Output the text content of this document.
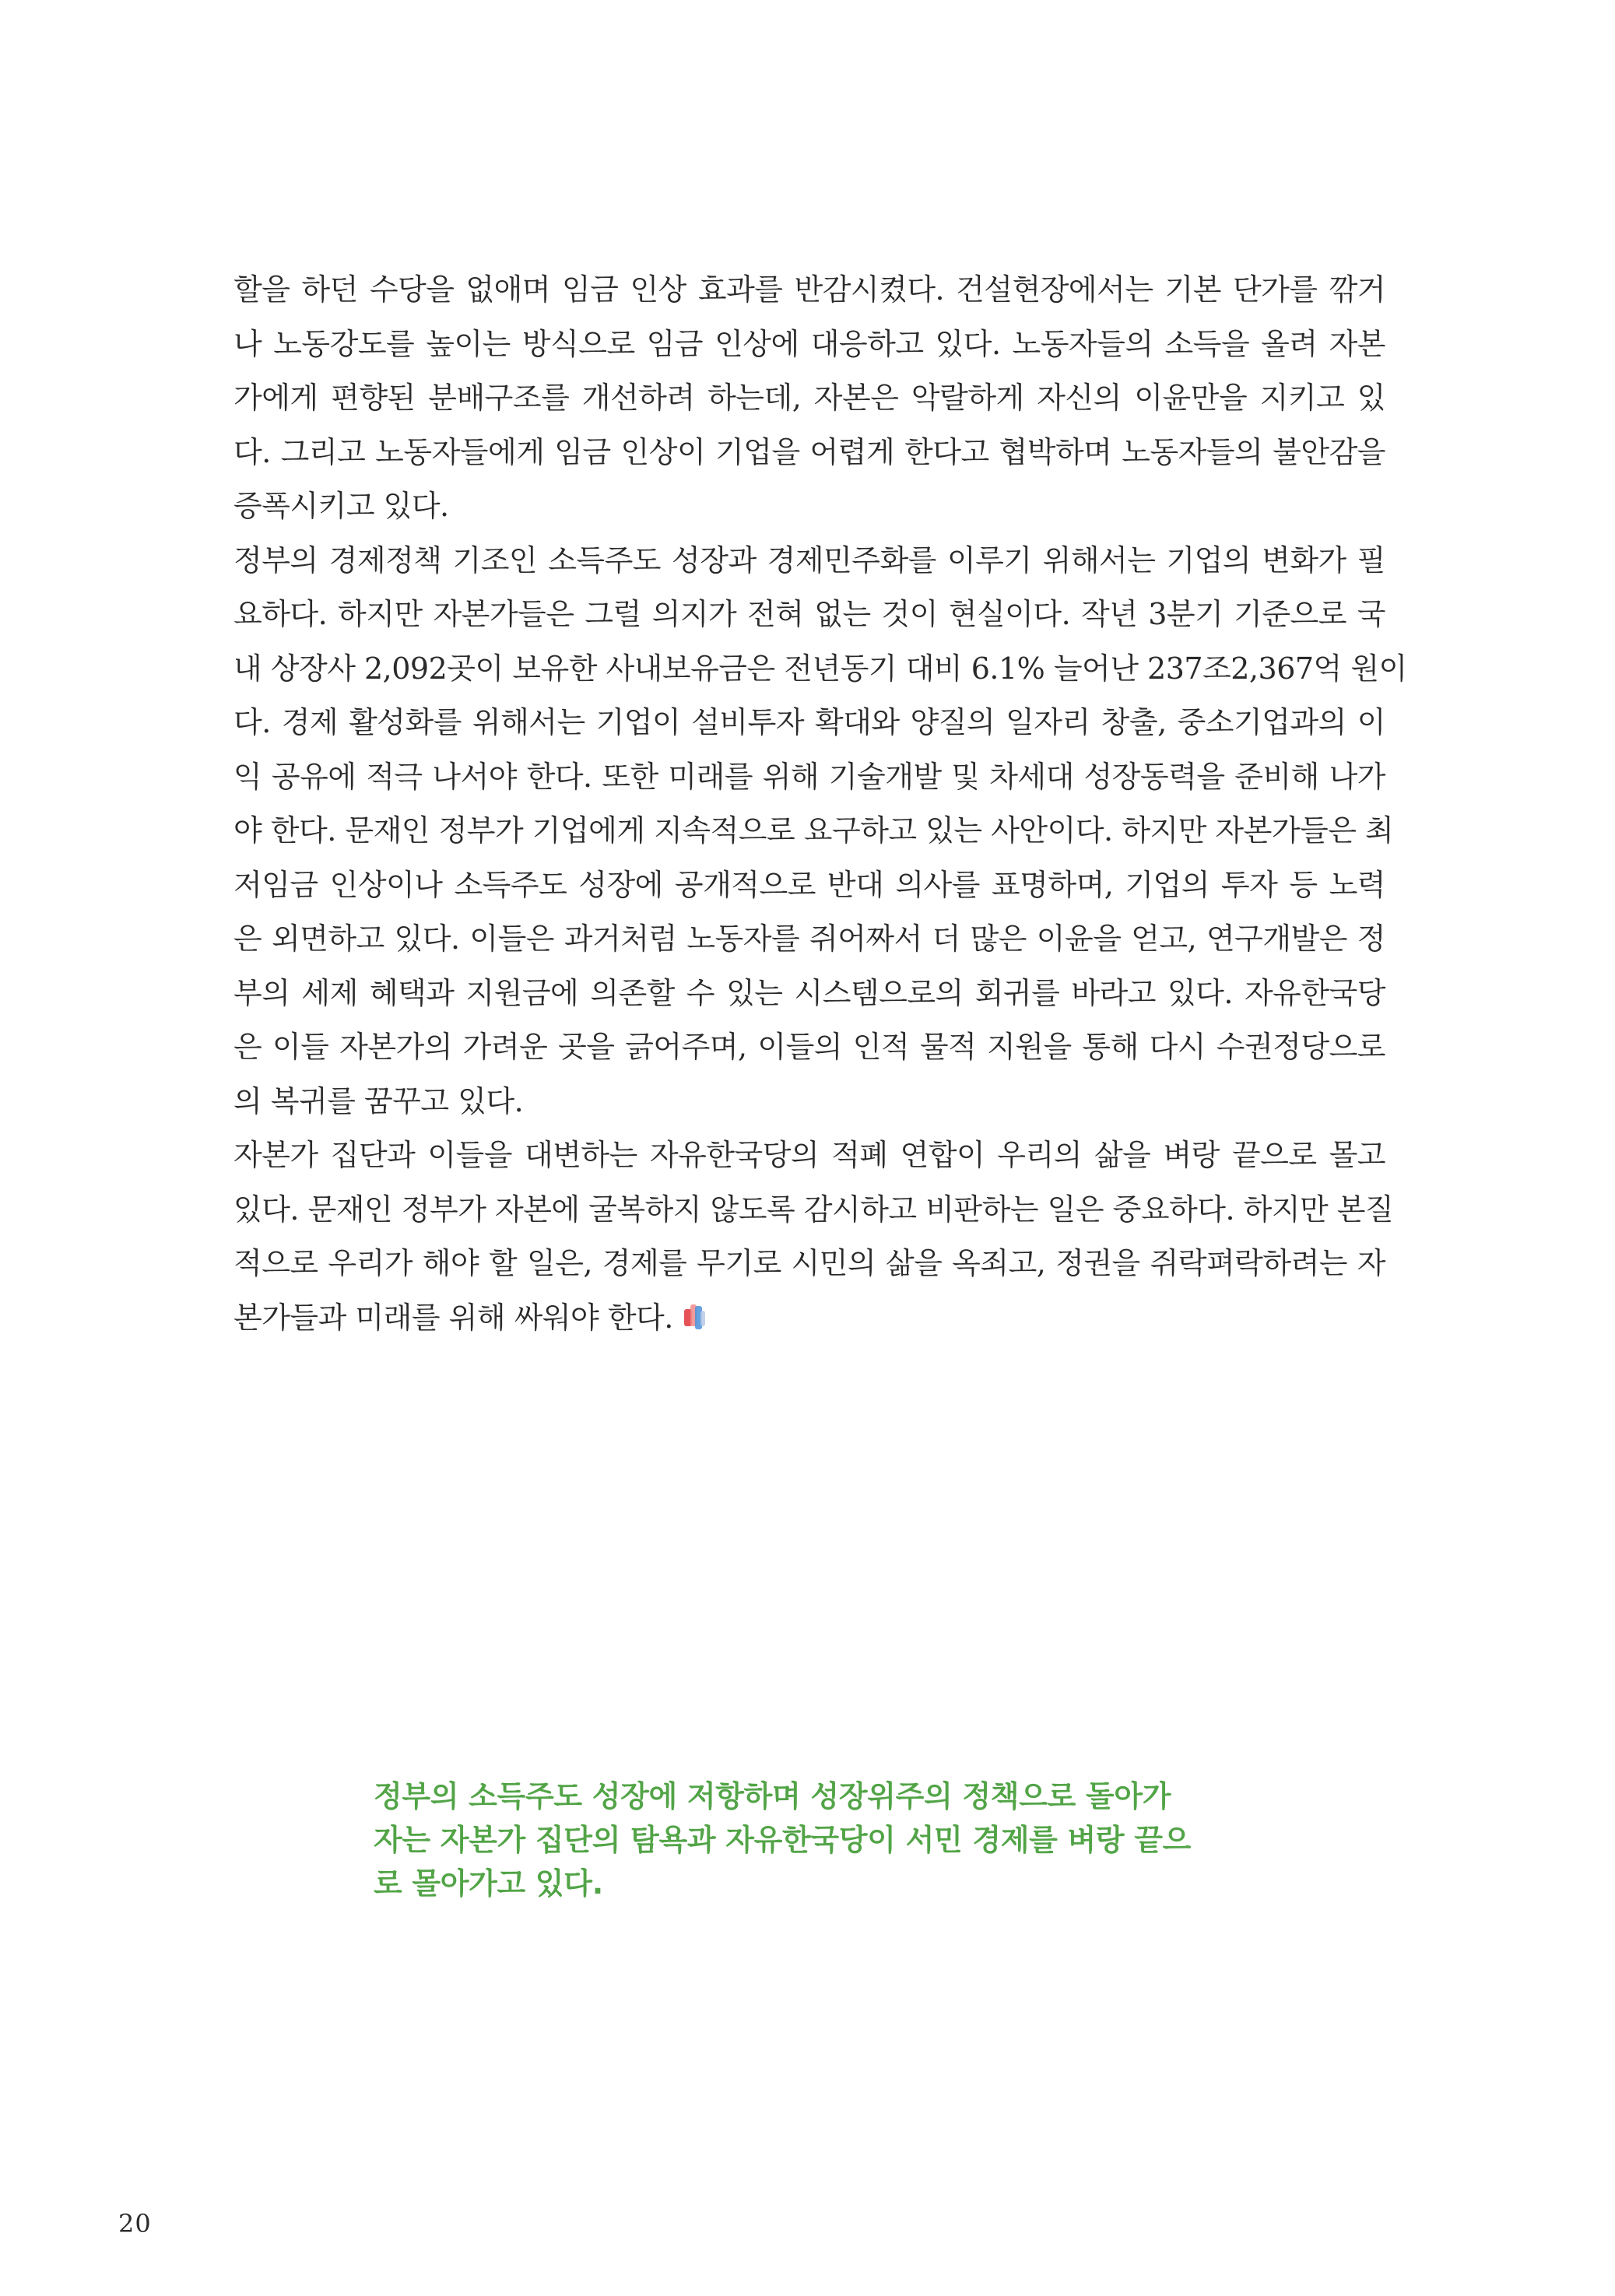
할을 하던 수당을 없애며 임금 인상 효과를 반감시켰다. 건설현장에서는 기본 단가를 깎거
나 노동강도를 높이는 방식으로 임금 인상에 대응하고 있다. 노동자들의 소득을 올려 자본
가에게 편향된 분배구조를 개선하려 하는데, 자본은 악랄하게 자신의 이윤만을 지키고 있
다. 그리고 노동자들에게 임금 인상이 기업을 어렵게 한다고 협박하며 노동자들의 불안감을
증폭시키고 있다.
정부의 경제정책 기조인 소득주도 성장과 경제민주화를 이루기 위해서는 기업의 변화가 필
요하다. 하지만 자본가들은 그럴 의지가 전혀 없는 것이 현실이다. 작년 3분기 기준으로 국
내 상장사 2,092곳이 보유한 사내보유금은 전년동기 대비 6.1% 늘어난 237조2,367억 원이
다. 경제 활성화를 위해서는 기업이 설비투자 확대와 양질의 일자리 창출, 중소기업과의 이
익 공유에 적극 나서야 한다. 또한 미래를 위해 기술개발 및 차세대 성장동력을 준비해 나가
야 한다. 문재인 정부가 기업에게 지속적으로 요구하고 있는 사안이다. 하지만 자본가들은 최
저임금 인상이나 소득주도 성장에 공개적으로 반대 의사를 표명하며, 기업의 투자 등 노력
은 외면하고 있다. 이들은 과거처럼 노동자를 쥐어짜서 더 많은 이윤을 얻고, 연구개발은 정
부의 세제 혜택과 지원금에 의존할 수 있는 시스템으로의 회귀를 바라고 있다. 자유한국당
은 이들 자본가의 가려운 곳을 긁어주며, 이들의 인적 물적 지원을 통해 다시 수권정당으로
의 복귀를 꿈꾸고 있다.
자본가 집단과 이들을 대변하는 자유한국당의 적폐 연합이 우리의 삶을 벼랑 끝으로 몰고
있다. 문재인 정부가 자본에 굴복하지 않도록 감시하고 비판하는 일은 중요하다. 하지만 본질
적으로 우리가 해야 할 일은, 경제를 무기로 시민의 삶을 옥죄고, 정권을 쥐락펴락하려는 자
본가들과 미래를 위해 싸워야 한다.
정부의 소득주도 성장에 저항하며 성장위주의 정책으로 돌아가
자는 자본가 집단의 탐욕과 자유한국당이 서민 경제를 벼랑 끝으
로 몰아가고 있다.
20
